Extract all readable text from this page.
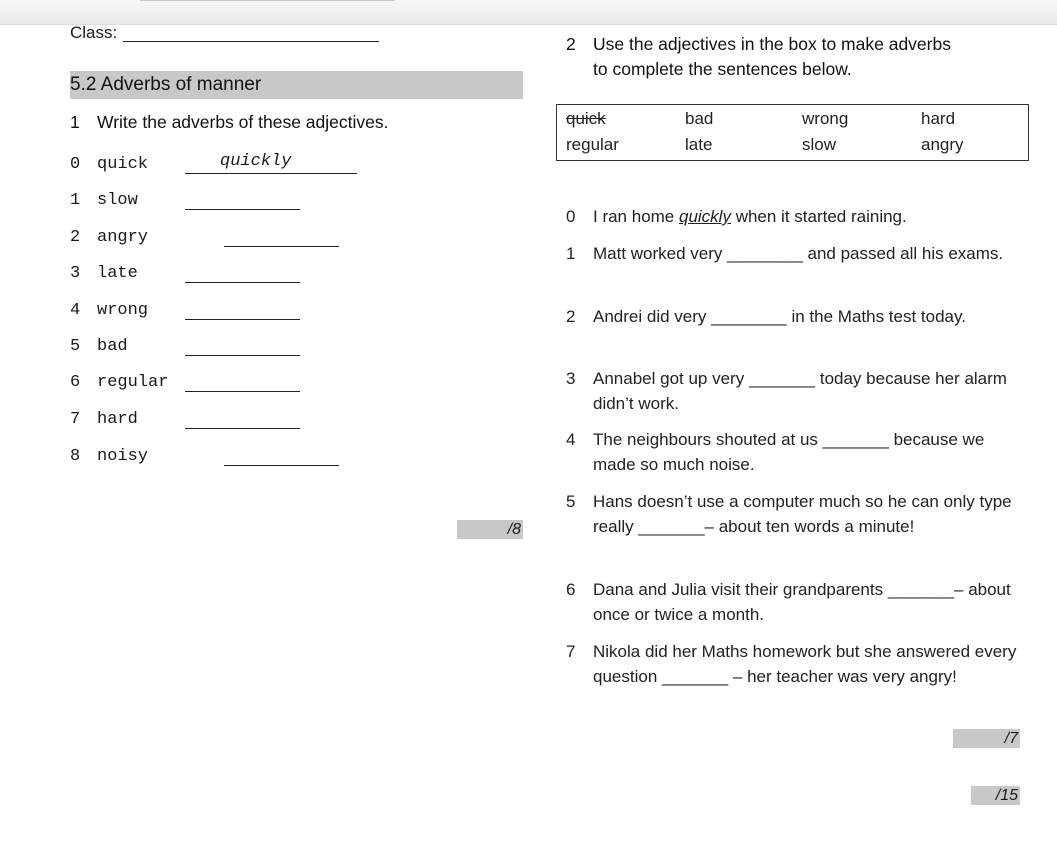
Class:
5.2 Adverbs of manner
1 Write the adverbs of these adjectives.
0 quick	quickly
1 slow
2 angry
3 late
4 wrong
5 bad
6 regular
7 hard
8 noisy
/8
2 Use the adjectives in the box to make adverbs
to complete the sentences below.
quick	bad	wrong	hard
regular	late	slow	angry
0 I ran home quickly when it started raining.
1 Matt worked very ________ and passed all his exams.
2 Andrei did very ________ in the Maths test today.
3 Annabel got up very _______ today because her alarm didn’t work.
4 The neighbours shouted at us _______ because we made so much noise.
5 Hans doesn’t use a computer much so he can only type really _______– about ten words a minute!
6 Dana and Julia visit their grandparents _______– about once or twice a month.
7 Nikola did her Maths homework but she answered every question _______ – her teacher was very angry!
/7
/15
